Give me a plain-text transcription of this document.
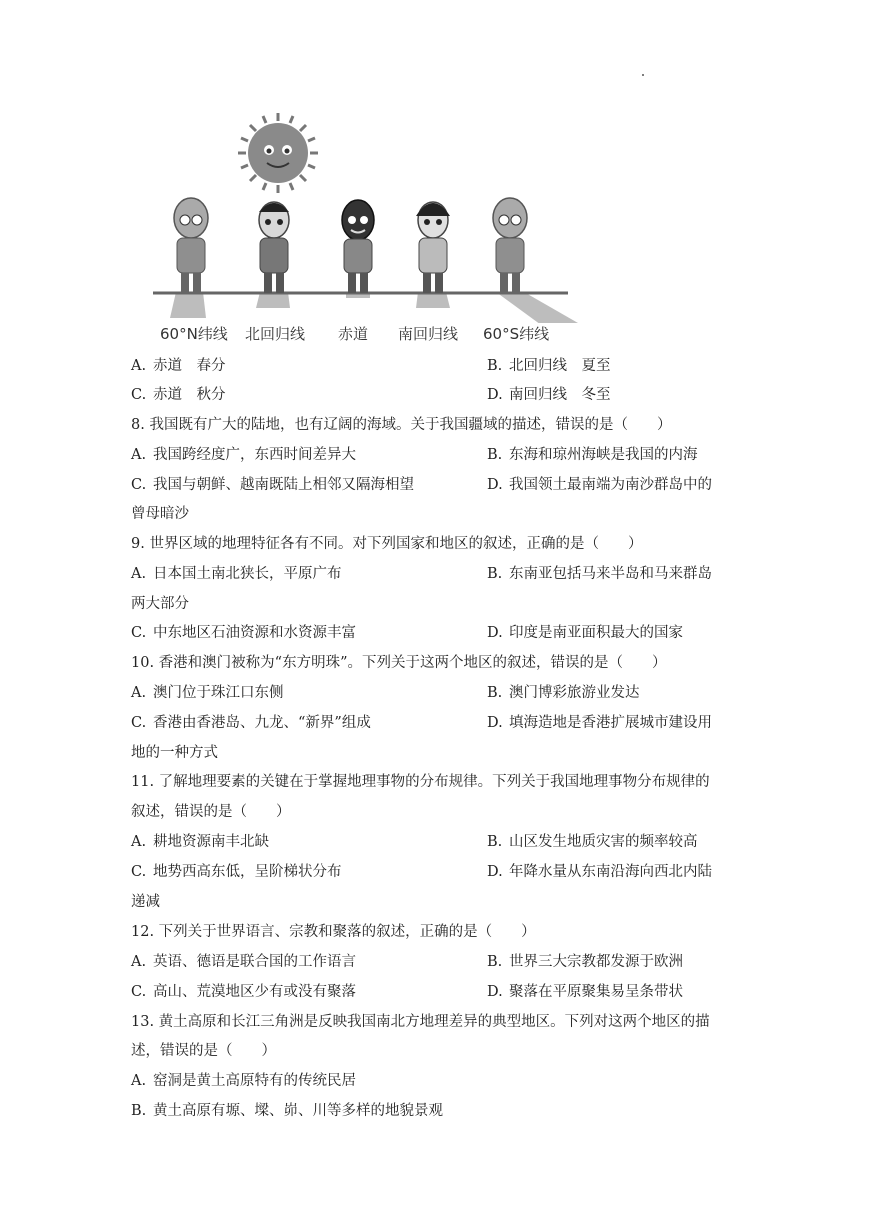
60°N纬线 北回归线 赤道 南回归线 60°S纬线
A. 赤道　春分	B. 北回归线　夏至
C. 赤道　秋分	D. 南回归线　冬至
8. 我国既有广大的陆地，也有辽阔的海域。关于我国疆域的描述，错误的是（　　）
A. 我国跨经度广，东西时间差异大	B. 东海和琼州海峡是我国的内海
C. 我国与朝鲜、越南既陆上相邻又隔海相望	D. 我国领土最南端为南沙群岛中的
曾母暗沙
9. 世界区域的地理特征各有不同。对下列国家和地区的叙述，正确的是（　　）
A. 日本国土南北狭长，平原广布	B. 东南亚包括马来半岛和马来群岛
两大部分
C. 中东地区石油资源和水资源丰富	D. 印度是南亚面积最大的国家
10. 香港和澳门被称为“东方明珠”。下列关于这两个地区的叙述，错误的是（　　）
A. 澳门位于珠江口东侧	B. 澳门博彩旅游业发达
C. 香港由香港岛、九龙、“新界”组成	D. 填海造地是香港扩展城市建设用
地的一种方式
11. 了解地理要素的关键在于掌握地理事物的分布规律。下列关于我国地理事物分布规律的
叙述，错误的是（　　）
A. 耕地资源南丰北缺	B. 山区发生地质灾害的频率较高
C. 地势西高东低，呈阶梯状分布	D. 年降水量从东南沿海向西北内陆
递减
12. 下列关于世界语言、宗教和聚落的叙述，正确的是（　　）
A. 英语、德语是联合国的工作语言	B. 世界三大宗教都发源于欧洲
C. 高山、荒漠地区少有或没有聚落	D. 聚落在平原聚集易呈条带状
13. 黄土高原和长江三角洲是反映我国南北方地理差异的典型地区。下列对这两个地区的描
述，错误的是（　　）
A. 窑洞是黄土高原特有的传统民居
B. 黄土高原有塬、墚、峁、川等多样的地貌景观
